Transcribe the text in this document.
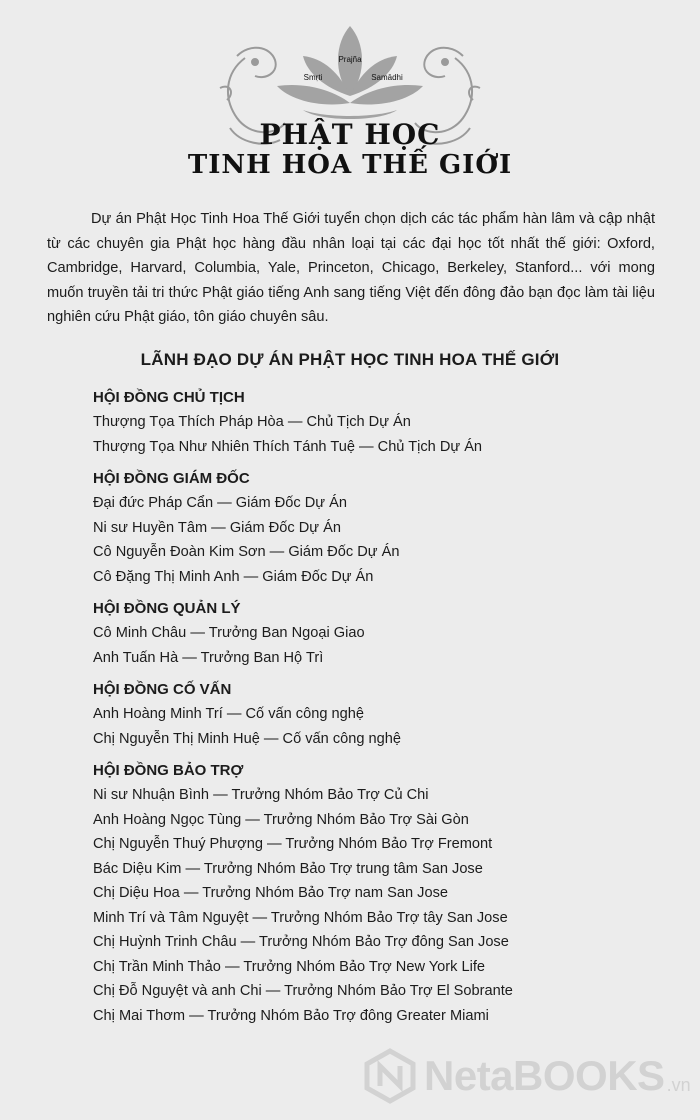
Prajña
Smṛti	Samādhi
PHẬT HỌC
TINH HOA THẾ GIỚI

Dự án Phật Học Tinh Hoa Thế Giới tuyển chọn dịch các tác phẩm hàn lâm và cập nhật từ các chuyên gia Phật học hàng đầu nhân loại tại các đại học tốt nhất thế giới: Oxford, Cambridge, Harvard, Columbia, Yale, Princeton, Chicago, Berkeley, Stanford... với mong muốn truyền tải tri thức Phật giáo tiếng Anh sang tiếng Việt đến đông đảo bạn đọc làm tài liệu nghiên cứu Phật giáo, tôn giáo chuyên sâu.

LÃNH ĐẠO DỰ ÁN PHẬT HỌC TINH HOA THẾ GIỚI
HỘI ĐỒNG CHỦ TỊCH
Thượng Tọa Thích Pháp Hòa — Chủ Tịch Dự Án
Thượng Tọa Như Nhiên Thích Tánh Tuệ — Chủ Tịch Dự Án
HỘI ĐỒNG GIÁM ĐỐC
Đại đức Pháp Cẩn — Giám Đốc Dự Án
Ni sư Huyền Tâm — Giám Đốc Dự Án
Cô Nguyễn Đoàn Kim Sơn — Giám Đốc Dự Án
Cô Đặng Thị Minh Anh — Giám Đốc Dự Án
HỘI ĐỒNG QUẢN LÝ
Cô Minh Châu — Trưởng Ban Ngoại Giao
Anh Tuấn Hà — Trưởng Ban Hộ Trì
HỘI ĐỒNG CỐ VẤN
Anh Hoàng Minh Trí — Cố vấn công nghệ
Chị Nguyễn Thị Minh Huệ — Cố vấn công nghệ
HỘI ĐỒNG BẢO TRỢ
Ni sư Nhuận Bình — Trưởng Nhóm Bảo Trợ Củ Chi
Anh Hoàng Ngọc Tùng — Trưởng Nhóm Bảo Trợ Sài Gòn
Chị Nguyễn Thuý Phượng — Trưởng Nhóm Bảo Trợ Fremont
Bác Diệu Kim — Trưởng Nhóm Bảo Trợ trung tâm San Jose
Chị Diệu Hoa — Trưởng Nhóm Bảo Trợ nam San Jose
Minh Trí và Tâm Nguyệt — Trưởng Nhóm Bảo Trợ tây San Jose
Chị Huỳnh Trinh Châu — Trưởng Nhóm Bảo Trợ đông San Jose
Chị Trần Minh Thảo — Trưởng Nhóm Bảo Trợ New York Life
Chị Đỗ Nguyệt và anh Chi — Trưởng Nhóm Bảo Trợ El Sobrante
Chị Mai Thơm — Trưởng Nhóm Bảo Trợ đông Greater Miami
NetaBOOKS .vn
